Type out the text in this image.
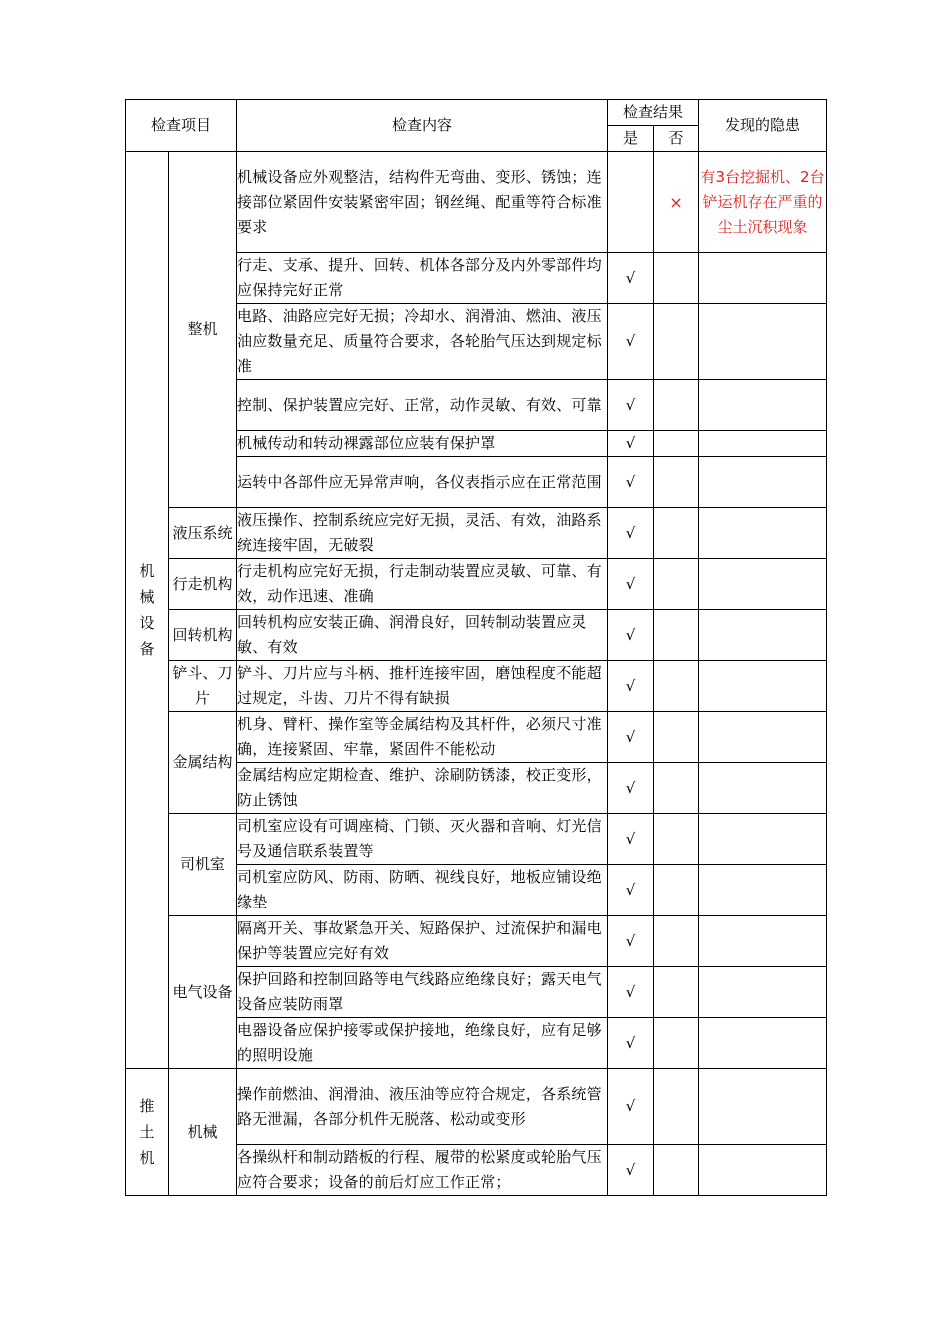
检查项目		检查内容	检查结果		发现的隐患
			是	否	

机械设备	整机	机械设备应外观整洁，结构件无弯曲、变形、锈蚀；连接部位紧固件安装紧密牢固；钢丝绳、配重等符合标准要求		×	有3台挖掘机、2台铲运机存在严重的尘土沉积现象
		行走、支承、提升、回转、机体各部分及内外零部件均应保持完好正常	√		
		电路、油路应完好无损；冷却水、润滑油、燃油、液压油应数量充足、质量符合要求，各轮胎气压达到规定标准	√		
		控制、保护装置应完好、正常，动作灵敏、有效、可靠	√		
		机械传动和转动裸露部位应装有保护罩	√		
		运转中各部件应无异常声响，各仪表指示应在正常范围	√		

	液压系统	液压操作、控制系统应完好无损，灵活、有效，油路系统连接牢固，无破裂	√		

	行走机构	行走机构应完好无损，行走制动装置应灵敏、可靠、有效，动作迅速、准确	√		

	回转机构	回转机构应安装正确、润滑良好，回转制动装置应灵敏、有效	√		

	铲斗、刀片	铲斗、刀片应与斗柄、推杆连接牢固，磨蚀程度不能超过规定，斗齿、刀片不得有缺损	√		

	金属结构	机身、臂杆、操作室等金属结构及其杆件，必须尺寸准确，连接紧固、牢靠，紧固件不能松动	√		
		金属结构应定期检查、维护、涂刷防锈漆，校正变形，防止锈蚀	√		

	司机室	司机室应设有可调座椅、门锁、灭火器和音响、灯光信号及通信联系装置等	√		
		司机室应防风、防雨、防晒、视线良好，地板应铺设绝缘垫	√		

	电气设备	隔离开关、事故紧急开关、短路保护、过流保护和漏电保护等装置应完好有效	√		
		保护回路和控制回路等电气线路应绝缘良好；露天电气设备应装防雨罩	√		
		电器设备应保护接零或保护接地，绝缘良好，应有足够的照明设施	√		

推土机	机械	操作前燃油、润滑油、液压油等应符合规定，各系统管路无泄漏，各部分机件无脱落、松动或变形	√		
		各操纵杆和制动踏板的行程、履带的松紧度或轮胎气压应符合要求；设备的前后灯应工作正常；	√		
